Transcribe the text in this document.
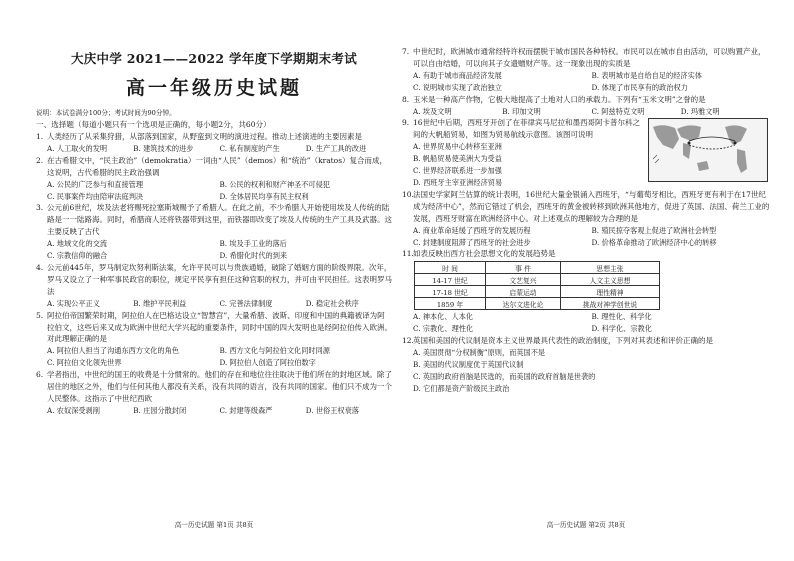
大庆中学 2021——2022 学年度下学期期末考试
高一年级历史试题
说明：本试卷满分100分；考试时间为90分钟。
一、选择题（每道小题只有一个选项是正确的，每小题2分，共60分）
1. 人类经历了从采集狩猎，从部落到国家，从野蛮到文明的演进过程。推动上述演进的主要因素是
A. 人工取火的发明	B. 建筑技术的进步	C. 私有制度的产生	D. 生产工具的改进
2. 在古希腊文中，“民主政治”（demokratia）一词由“人民”（demos）和“统治”（kratos）复合而成，这说明，古代希腊的民主政治强调
A. 公民的广泛参与和直接管理	B. 公民的权利和财产神圣不可侵犯
C. 民事案件均由陪审法庭判决	D. 全体居民均享有民主权利
3. 公元前6世纪，埃及法老将赐死拉塞斯城赐予了希腊人。在此之前，不少希腊人开始使用埃及人传统的陆路是一一陆路海。同时，希腊商人还将铁器带到这里，而铁器即改变了埃及人传统的生产工具及武器。这主要反映了古代
A. 地域文化的交流	B. 埃及手工业的落后
C. 宗教信仰的融合	D. 希腊化时代的到来
4. 公元前445年，罗马制定坎努利斯法案，允许平民可以与贵族通婚，破除了婚姻方面的阶级界限。次年，罗马又设立了一种军事民政官的职位，规定平民享有担任这种官职的权力，并可由平民担任。这表明罗马法
A. 实现公平正义	B. 维护平民利益	C. 完善法律制度	D. 稳定社会秩序
5. 阿拉伯帝国繁荣时期，阿拉伯人在巴格达设立“智慧宫”，大量希腊、波斯、印度和中国的典籍被译为阿拉伯文，这些后来又成为欧洲中世纪大学兴起的重要条件，同时中国的四大发明也是经阿拉伯传入欧洲。对此理解正确的是
A. 阿拉伯人担当了沟通东西方文化的角色	B. 西方文化与阿拉伯文化同时同源
C. 阿拉伯文化领先世界	D. 阿拉伯人创造了阿拉伯数字
6. 学者指出，中世纪的国王的收费是十分惯常的。他们的存在和地位往往取决于他们所在的封地区域。除了居住的地区之外，他们与任何其他人都没有关系，没有共同的语言，没有共同的国家。他们只不成为一个人民整体。这指示了中世纪西欧
A. 农奴深受剥削	B. 庄园分散封闭	C. 封建等级森严	D. 世俗王权衰落
高一历史试题 第1页 共8页
7. 中世纪时，欧洲城市通常经特许权而摆脱于城市国民各种特权。市民可以在城市自由活动，可以购置产业，可以自由结婚，可以向其子女遗赠财产等。这一现象出现的实质是
A. 有助于城市商品经济发展	B. 表明城市是自给自足的经济实体
C. 说明城市实现了政治独立	D. 体现了市民享有的政治权力
8. 玉米是一种高产作物，它极大地提高了土地对人口的承载力。下列有“玉米文明”之誉的是
A. 埃及文明	B. 印加文明	C. 阿兹特克文明	D. 玛雅文明
9. 16世纪中后期，西班牙开创了在菲律宾马尼拉和墨西哥阿卡普尔科之间的大帆船贸易，如图为贸易航线示意图。该图可说明
A. 世界贸易中心转移至亚洲
B. 帆船贸易使美洲大为受益
C. 世界经济联系进一步加强
D. 西班牙主宰亚洲经济贸易
10. 法国史学家阿兰估算的统计表明，16世纪大量金银涌入西班牙，“与葡萄牙相比，西班牙更有利于在17世纪成为经济中心”，然而它错过了机会，西班牙的黄金被转移到欧洲其他地方，促进了英国、法国、荷兰工业的发展，西班牙财富在欧洲经济中心。对上述观点的理解较为合理的是
A. 商业革命延缓了西班牙的发展历程	B. 殖民掠夺客观上促进了欧洲社会转型
C. 封建制度阻滞了西班牙的社会进步	D. 价格革命推动了欧洲经济中心的转移
11. 如表反映出西方社会思想文化的发展趋势是
时 间	事 件	思想主张
14-17 世纪	文艺复兴	人文主义思想
17-18 世纪	启蒙运动	理性精神
1859 年	达尔文进化论	挑战对神学创世说
A. 神本化、人本化	B. 理性化、科学化
C. 宗教化、理性化	D. 科学化、宗教化
12. 英国和美国的代议制是资本主义世界最具代表性的政治制度，下列对其表述和评价正确的是
A. 美国贯彻“分权制衡”原则，而英国不是
B. 美国的代议制度优于英国代议制
C. 英国的政府首脑是民选的，而美国的政府首脑是世袭的
D. 它们都是资产阶级民主政治
高一历史试题 第2页 共8页
